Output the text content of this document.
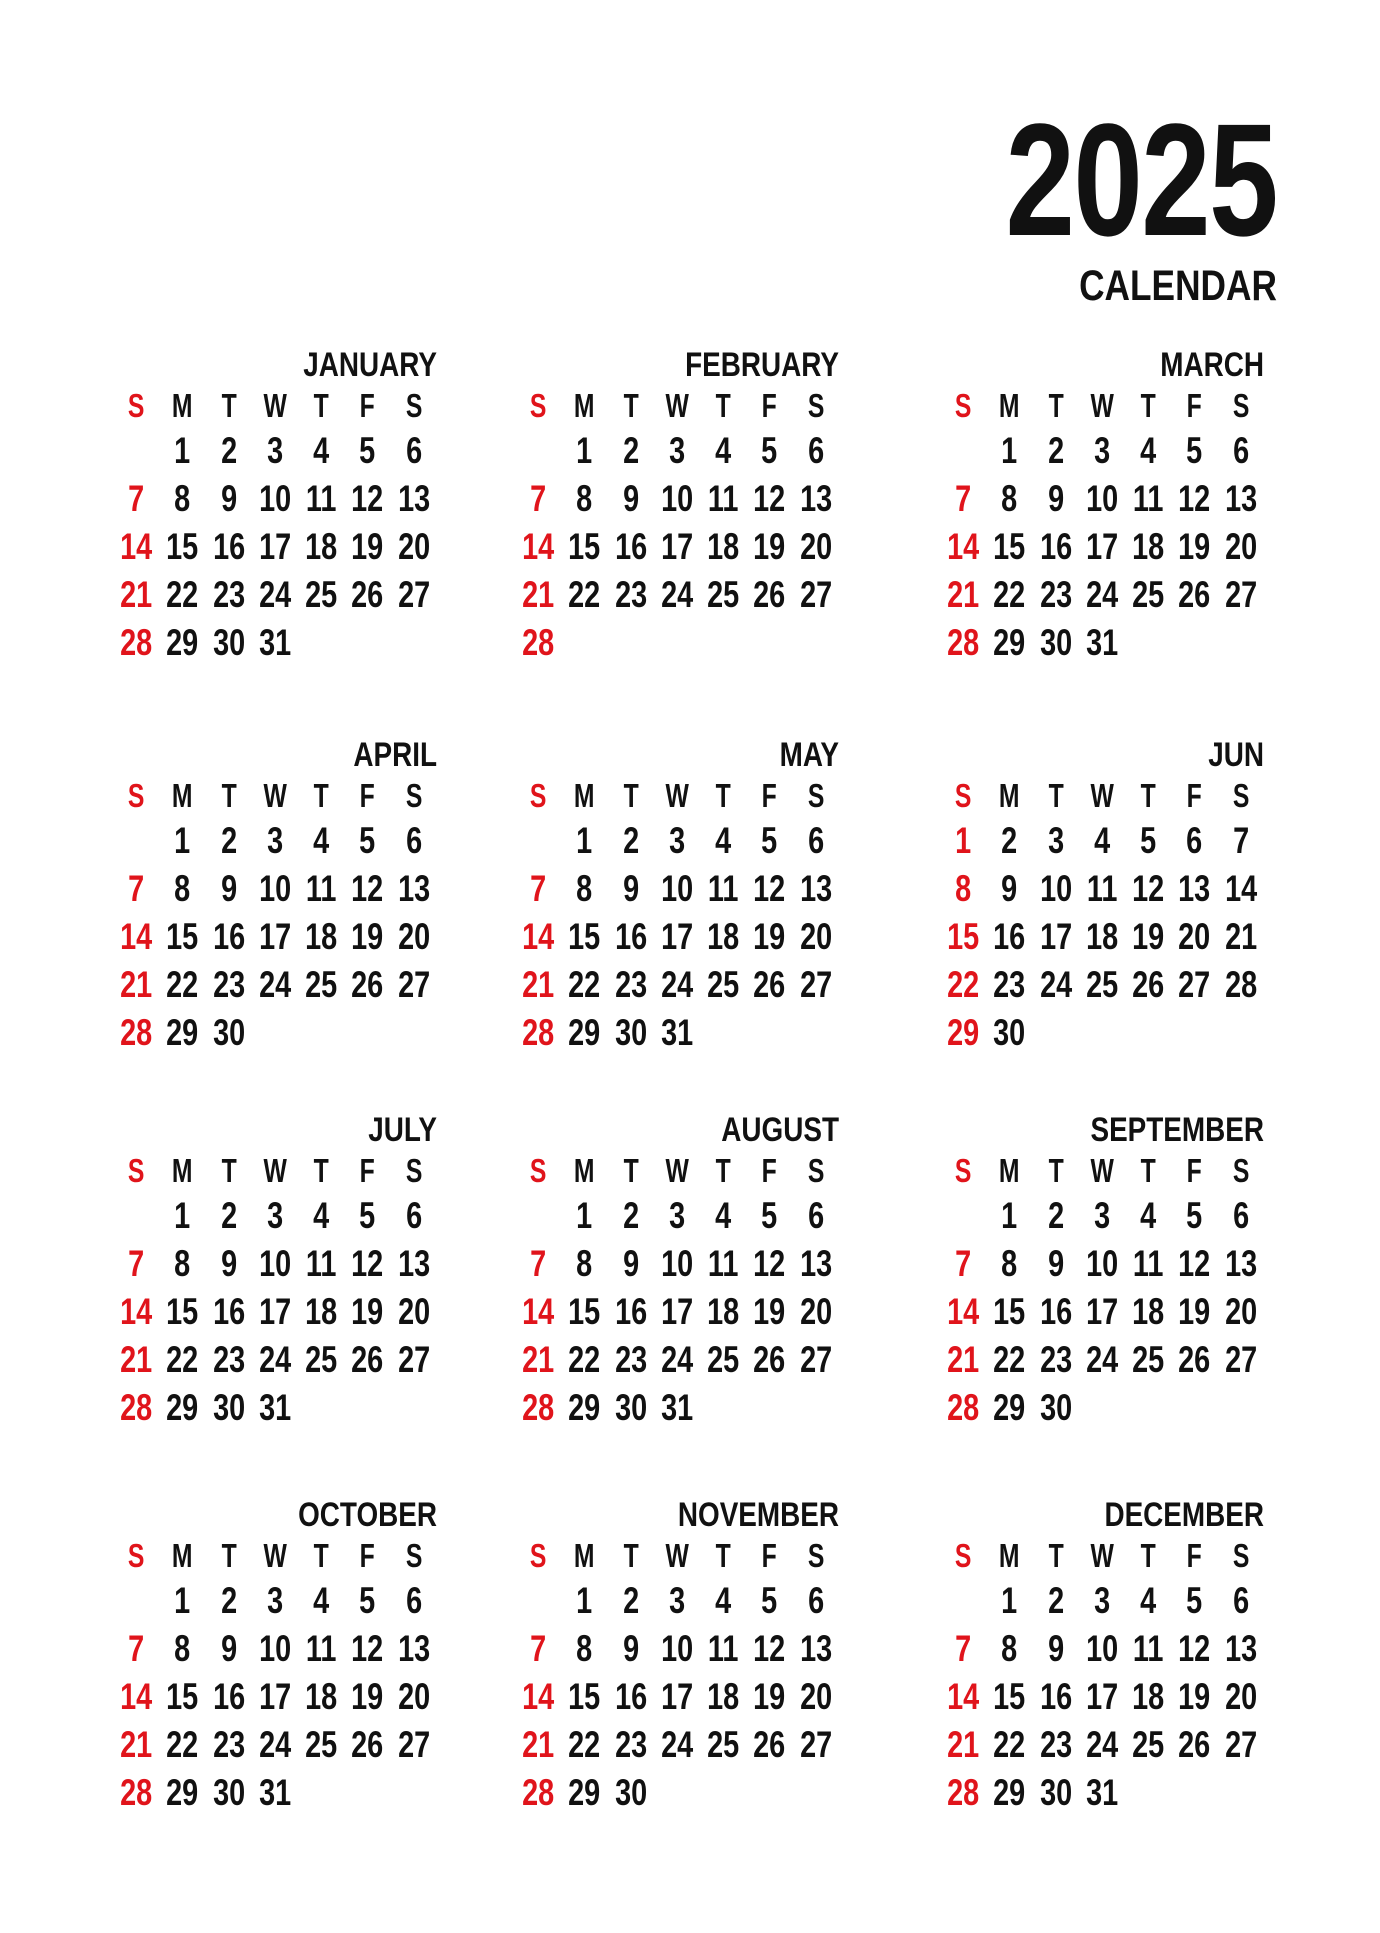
2025
CALENDAR
JANUARY
S M T W T F S
1 2 3 4 5 6
7 8 9 10 11 12 13
14 15 16 17 18 19 20
21 22 23 24 25 26 27
28 29 30 31
FEBRUARY
S M T W T F S
1 2 3 4 5 6
7 8 9 10 11 12 13
14 15 16 17 18 19 20
21 22 23 24 25 26 27
28
MARCH
S M T W T F S
1 2 3 4 5 6
7 8 9 10 11 12 13
14 15 16 17 18 19 20
21 22 23 24 25 26 27
28 29 30 31
APRIL
S M T W T F S
1 2 3 4 5 6
7 8 9 10 11 12 13
14 15 16 17 18 19 20
21 22 23 24 25 26 27
28 29 30
MAY
S M T W T F S
1 2 3 4 5 6
7 8 9 10 11 12 13
14 15 16 17 18 19 20
21 22 23 24 25 26 27
28 29 30 31
JUN
S M T W T F S
1 2 3 4 5 6 7
8 9 10 11 12 13 14
15 16 17 18 19 20 21
22 23 24 25 26 27 28
29 30
JULY
S M T W T F S
1 2 3 4 5 6
7 8 9 10 11 12 13
14 15 16 17 18 19 20
21 22 23 24 25 26 27
28 29 30 31
AUGUST
S M T W T F S
1 2 3 4 5 6
7 8 9 10 11 12 13
14 15 16 17 18 19 20
21 22 23 24 25 26 27
28 29 30 31
SEPTEMBER
S M T W T F S
1 2 3 4 5 6
7 8 9 10 11 12 13
14 15 16 17 18 19 20
21 22 23 24 25 26 27
28 29 30
OCTOBER
S M T W T F S
1 2 3 4 5 6
7 8 9 10 11 12 13
14 15 16 17 18 19 20
21 22 23 24 25 26 27
28 29 30 31
NOVEMBER
S M T W T F S
1 2 3 4 5 6
7 8 9 10 11 12 13
14 15 16 17 18 19 20
21 22 23 24 25 26 27
28 29 30
DECEMBER
S M T W T F S
1 2 3 4 5 6
7 8 9 10 11 12 13
14 15 16 17 18 19 20
21 22 23 24 25 26 27
28 29 30 31
